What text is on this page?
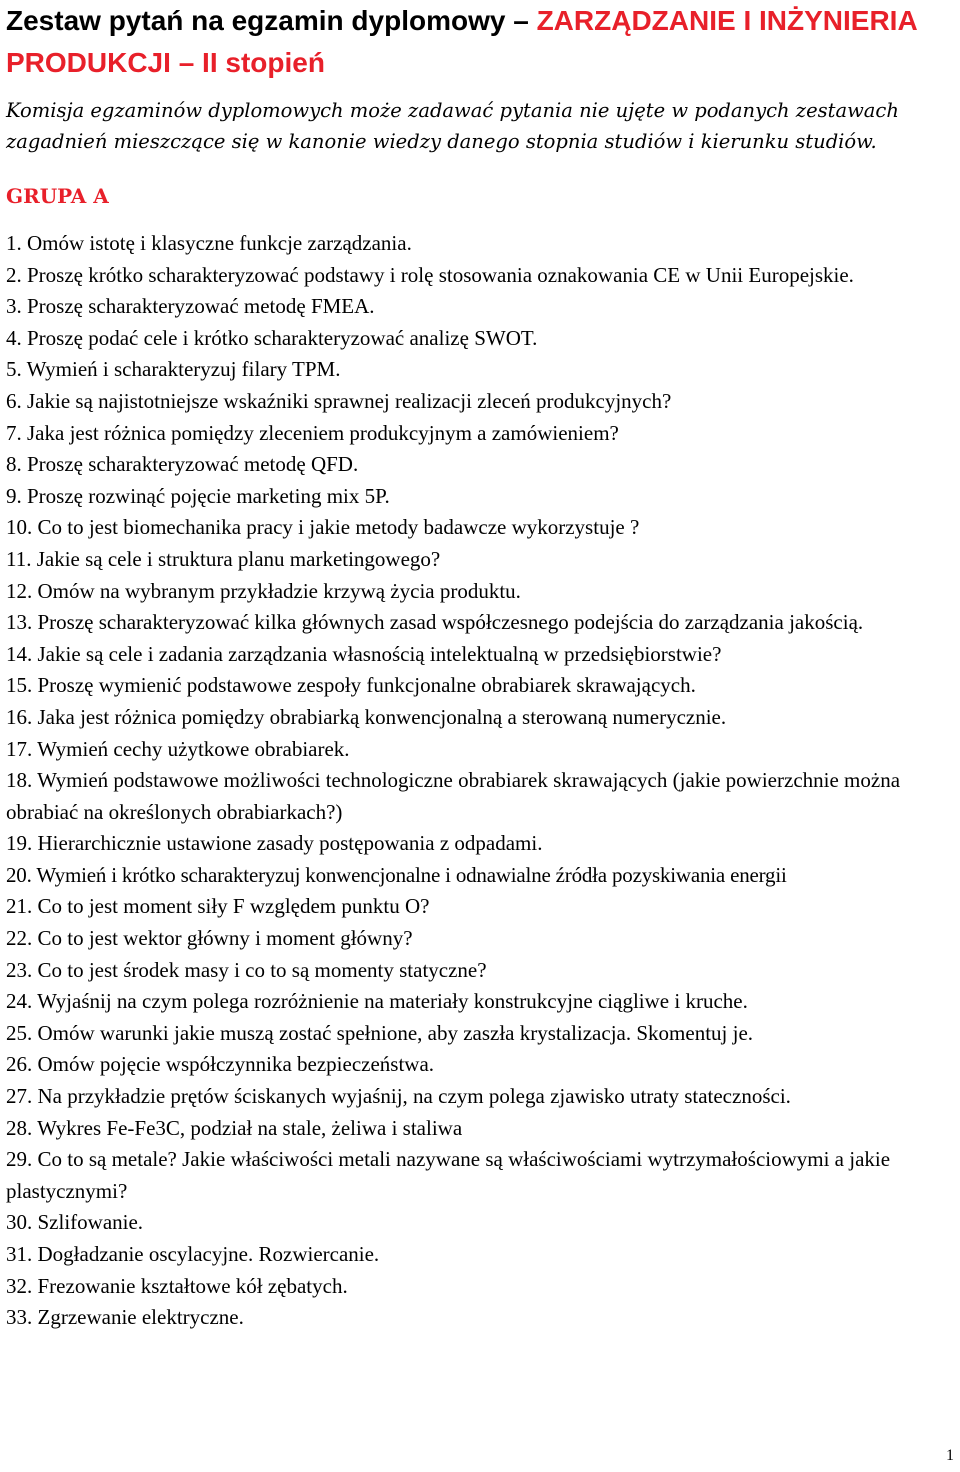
Zestaw pytań na egzamin dyplomowy – ZARZĄDZANIE I INŻYNIERIA PRODUKCJI – II stopień
Komisja egzaminów dyplomowych może zadawać pytania nie ujęte w podanych zestawach zagadnień mieszczące się w kanonie wiedzy danego stopnia studiów i kierunku studiów.
GRUPA A
1. Omów istotę i klasyczne funkcje zarządzania.
2. Proszę krótko scharakteryzować podstawy i rolę stosowania oznakowania CE w Unii Europejskie.
3. Proszę scharakteryzować metodę FMEA.
4. Proszę podać cele i krótko scharakteryzować analizę SWOT.
5. Wymień i scharakteryzuj filary TPM.
6. Jakie są najistotniejsze wskaźniki sprawnej realizacji zleceń produkcyjnych?
7. Jaka jest różnica pomiędzy zleceniem produkcyjnym a zamówieniem?
8. Proszę scharakteryzować metodę QFD.
9. Proszę rozwinąć pojęcie marketing mix 5P.
10. Co to jest biomechanika pracy i jakie metody badawcze wykorzystuje ?
11. Jakie są cele i struktura planu marketingowego?
12. Omów na wybranym przykładzie krzywą życia produktu.
13. Proszę scharakteryzować kilka głównych zasad współczesnego podejścia do zarządzania jakością.
14. Jakie są cele i zadania zarządzania własnością intelektualną w przedsiębiorstwie?
15. Proszę wymienić podstawowe zespoły funkcjonalne obrabiarek skrawających.
16. Jaka jest różnica pomiędzy obrabiarką konwencjonalną a sterowaną numerycznie.
17. Wymień cechy użytkowe obrabiarek.
18. Wymień podstawowe możliwości technologiczne obrabiarek skrawających (jakie powierzchnie można obrabiać na określonych obrabiarkach?)
19. Hierarchicznie ustawione zasady postępowania z odpadami.
20. Wymień i krótko scharakteryzuj konwencjonalne i odnawialne źródła pozyskiwania energii
21. Co to jest moment siły F względem punktu O?
22. Co to jest wektor główny i moment główny?
23. Co to jest środek masy i co to są momenty statyczne?
24. Wyjaśnij na czym polega rozróżnienie na materiały konstrukcyjne ciągliwe i kruche.
25. Omów warunki jakie muszą zostać spełnione, aby zaszła krystalizacja. Skomentuj je.
26. Omów pojęcie współczynnika bezpieczeństwa.
27. Na przykładzie prętów ściskanych wyjaśnij, na czym polega zjawisko utraty stateczności.
28. Wykres Fe-Fe3C, podział na stale, żeliwa i staliwa
29. Co to są metale? Jakie właściwości metali nazywane są właściwościami wytrzymałościowymi a jakie plastycznymi?
30. Szlifowanie.
31. Dogładzanie oscylacyjne. Rozwiercanie.
32. Frezowanie kształtowe kół zębatych.
33. Zgrzewanie elektryczne.
1
